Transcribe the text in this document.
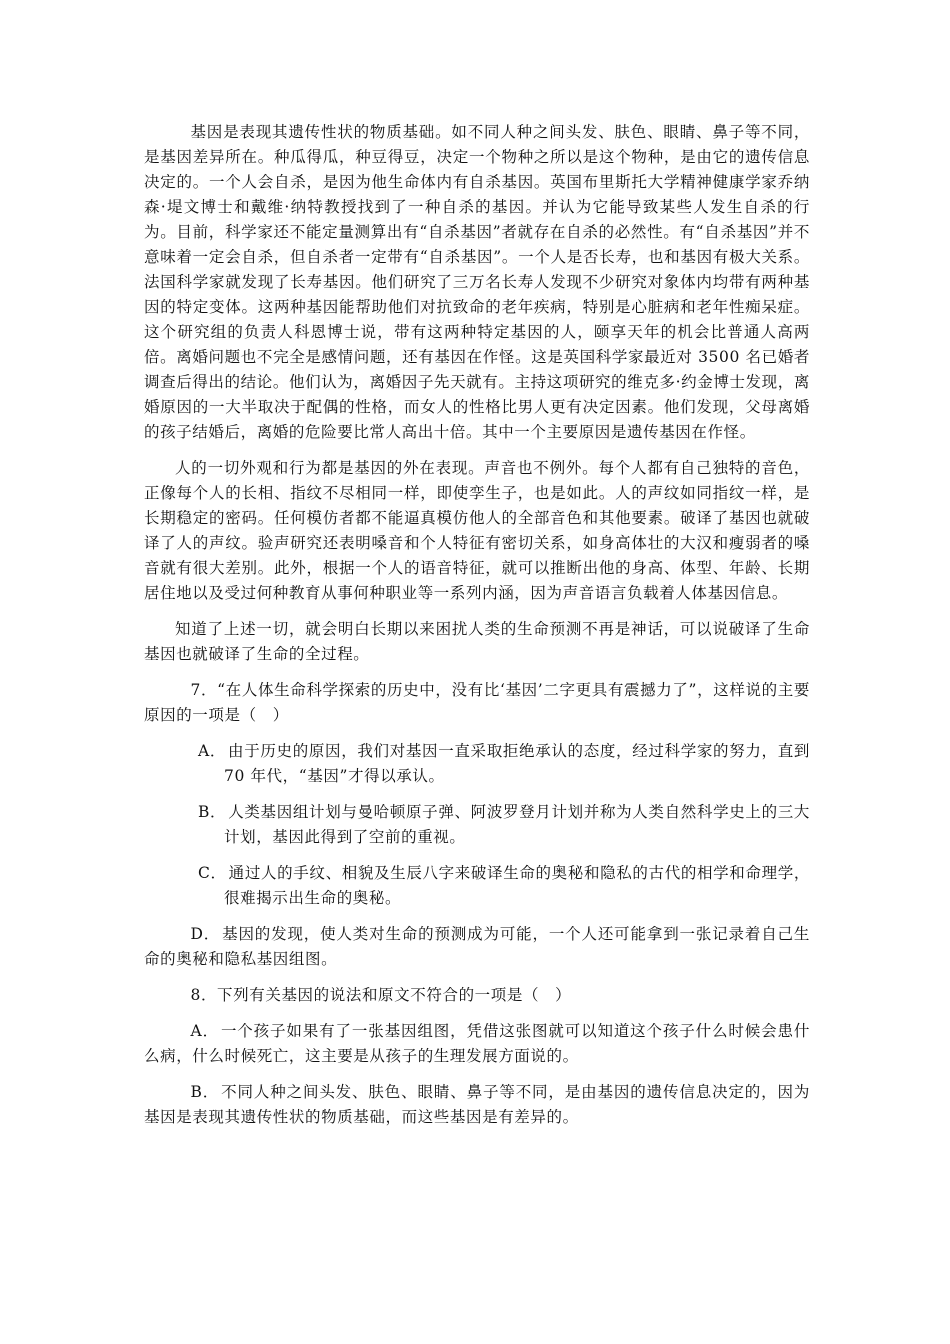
基因是表现其遗传性状的物质基础。如不同人种之间头发、肤色、眼睛、鼻子等不同，是基因差异所在。种瓜得瓜，种豆得豆，决定一个物种之所以是这个物种，是由它的遗传信息决定的。一个人会自杀，是因为他生命体内有自杀基因。英国布里斯托大学精神健康学家乔纳森·堤文博士和戴维·纳特教授找到了一种自杀的基因。并认为它能导致某些人发生自杀的行为。目前，科学家还不能定量测算出有“自杀基因”者就存在自杀的必然性。有“自杀基因”并不意味着一定会自杀，但自杀者一定带有“自杀基因”。一个人是否长寿，也和基因有极大关系。法国科学家就发现了长寿基因。他们研究了三万名长寿人发现不少研究对象体内均带有两种基因的特定变体。这两种基因能帮助他们对抗致命的老年疾病，特别是心脏病和老年性痴呆症。这个研究组的负责人科恩博士说，带有这两种特定基因的人，颐享天年的机会比普通人高两倍。离婚问题也不完全是感情问题，还有基因在作怪。这是英国科学家最近对 3500 名已婚者调查后得出的结论。他们认为，离婚因子先天就有。主持这项研究的维克多·约金博士发现，离婚原因的一大半取决于配偶的性格，而女人的性格比男人更有决定因素。他们发现，父母离婚的孩子结婚后，离婚的危险要比常人高出十倍。其中一个主要原因是遗传基因在作怪。

人的一切外观和行为都是基因的外在表现。声音也不例外。每个人都有自己独特的音色，正像每个人的长相、指纹不尽相同一样，即使孪生子，也是如此。人的声纹如同指纹一样，是长期稳定的密码。任何模仿者都不能逼真模仿他人的全部音色和其他要素。破译了基因也就破译了人的声纹。验声研究还表明嗓音和个人特征有密切关系，如身高体壮的大汉和瘦弱者的嗓音就有很大差别。此外，根据一个人的语音特征，就可以推断出他的身高、体型、年龄、长期居住地以及受过何种教育从事何种职业等一系列内涵，因为声音语言负载着人体基因信息。

知道了上述一切，就会明白长期以来困扰人类的生命预测不再是神话，可以说破译了生命基因也就破译了生命的全过程。

7．“在人体生命科学探索的历史中，没有比‘基因’二字更具有震撼力了”，这样说的主要原因的一项是（　）

A． 由于历史的原因，我们对基因一直采取拒绝承认的态度，经过科学家的努力，直到 70 年代，“基因”才得以承认。

B． 人类基因组计划与曼哈顿原子弹、阿波罗登月计划并称为人类自然科学史上的三大计划，基因此得到了空前的重视。

C． 通过人的手纹、相貌及生辰八字来破译生命的奥秘和隐私的古代的相学和命理学， 很难揭示出生命的奥秘。

D． 基因的发现，使人类对生命的预测成为可能，一个人还可能拿到一张记录着自己生命的奥秘和隐私基因组图。

8．下列有关基因的说法和原文不符合的一项是（　）

A． 一个孩子如果有了一张基因组图，凭借这张图就可以知道这个孩子什么时候会患什么病，什么时候死亡，这主要是从孩子的生理发展方面说的。

B． 不同人种之间头发、肤色、眼睛、鼻子等不同，是由基因的遗传信息决定的，因为基因是表现其遗传性状的物质基础，而这些基因是有差异的。
